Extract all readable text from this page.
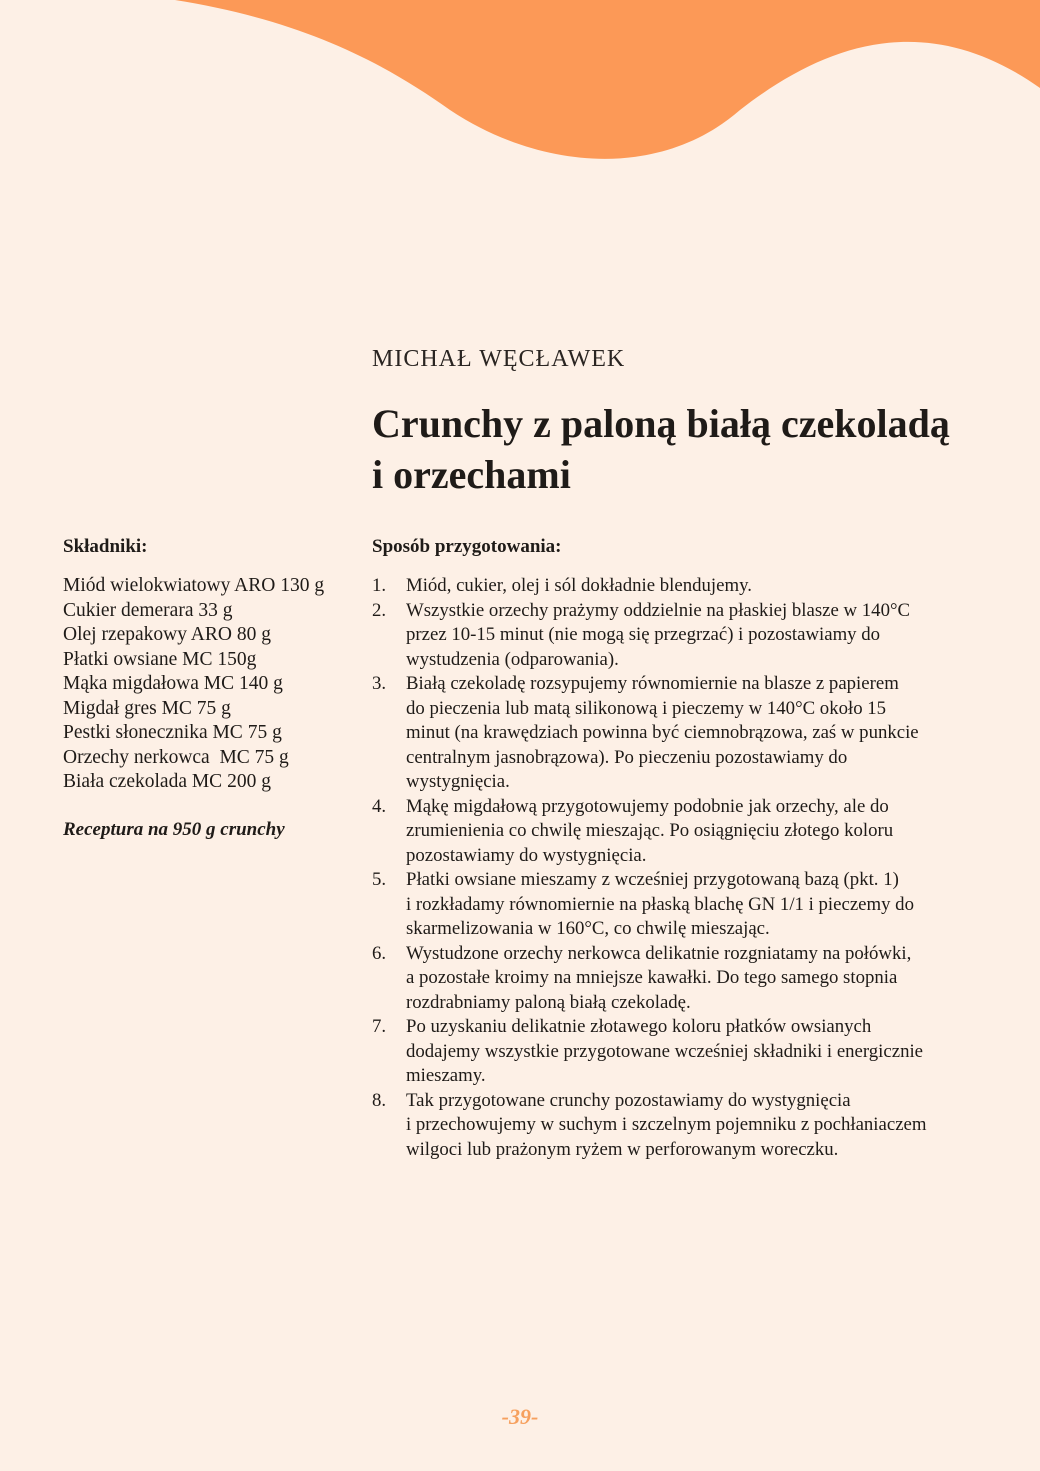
MICHAŁ WĘCŁAWEK
Crunchy z paloną białą czekoladą
i orzechami
Składniki:
Miód wielokwiatowy ARO 130 g
Cukier demerara 33 g
Olej rzepakowy ARO 80 g
Płatki owsiane MC 150g
Mąka migdałowa MC 140 g
Migdał gres MC 75 g
Pestki słonecznika MC 75 g
Orzechy nerkowca  MC 75 g
Biała czekolada MC 200 g
Receptura na 950 g crunchy
Sposób przygotowania:
1. Miód, cukier, olej i sól dokładnie blendujemy.
2. Wszystkie orzechy prażymy oddzielnie na płaskiej blasze w 140°C
przez 10-15 minut (nie mogą się przegrzać) i pozostawiamy do
wystudzenia (odparowania).
3. Białą czekoladę rozsypujemy równomiernie na blasze z papierem
do pieczenia lub matą silikonową i pieczemy w 140°C około 15
minut (na krawędziach powinna być ciemnobrązowa, zaś w punkcie
centralnym jasnobrązowa). Po pieczeniu pozostawiamy do
wystygnięcia.
4. Mąkę migdałową przygotowujemy podobnie jak orzechy, ale do
zrumienienia co chwilę mieszając. Po osiągnięciu złotego koloru
pozostawiamy do wystygnięcia.
5. Płatki owsiane mieszamy z wcześniej przygotowaną bazą (pkt. 1)
i rozkładamy równomiernie na płaską blachę GN 1/1 i pieczemy do
skarmelizowania w 160°C, co chwilę mieszając.
6. Wystudzone orzechy nerkowca delikatnie rozgniatamy na połówki,
a pozostałe kroimy na mniejsze kawałki. Do tego samego stopnia
rozdrabniamy paloną białą czekoladę.
7. Po uzyskaniu delikatnie złotawego koloru płatków owsianych
dodajemy wszystkie przygotowane wcześniej składniki i energicznie
mieszamy.
8. Tak przygotowane crunchy pozostawiamy do wystygnięcia
i przechowujemy w suchym i szczelnym pojemniku z pochłaniaczem
wilgoci lub prażonym ryżem w perforowanym woreczku.
-39-
